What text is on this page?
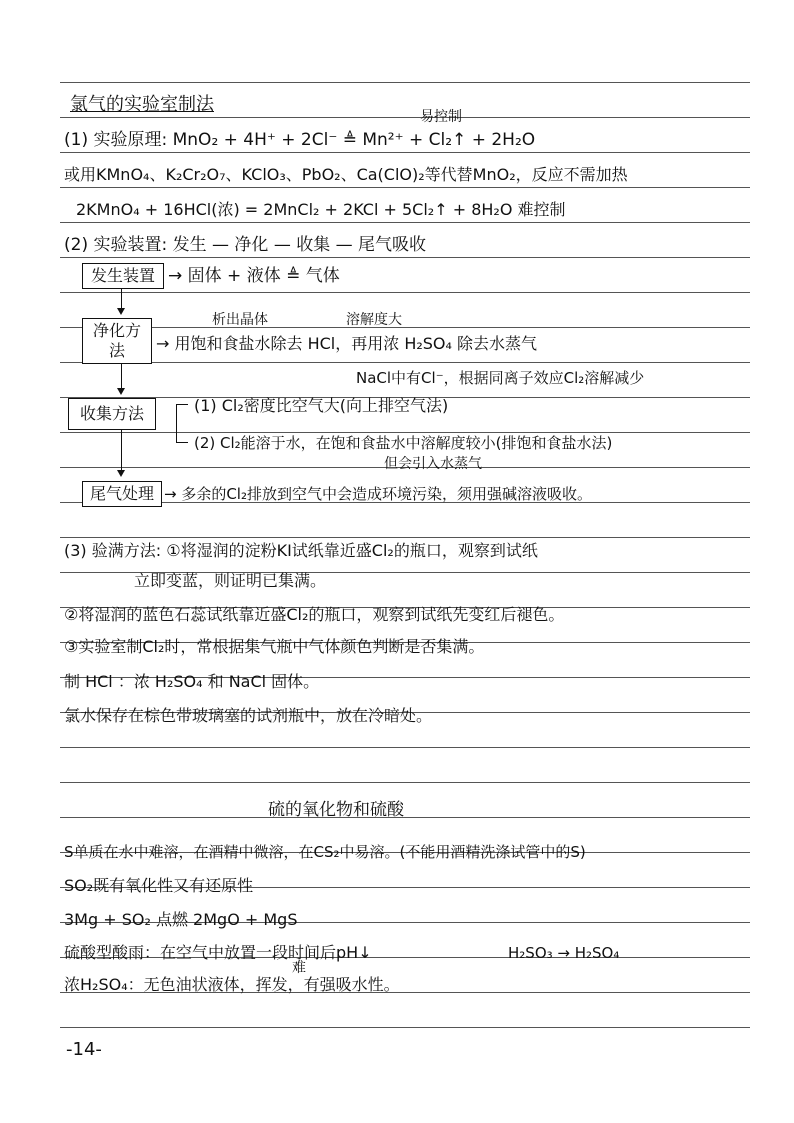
氯气的实验室制法
易控制
(1) 实验原理: MnO₂ + 4H⁺ + 2Cl⁻ ≜ Mn²⁺ + Cl₂↑ + 2H₂O
或用KMnO₄、K₂Cr₂O₇、KClO₃、PbO₂、Ca(ClO)₂等代替MnO₂，反应不需加热
2KMnO₄ + 16HCl(浓) = 2MnCl₂ + 2KCl + 5Cl₂↑ + 8H₂O 难控制
(2) 实验装置: 发生 — 净化 — 收集 — 尾气吸收
发生装置 → 固体 + 液体 ≜ 气体
析出晶体	溶解度大
净化方法	→ 用饱和食盐水除去 HCl，再用浓 H₂SO₄ 除去水蒸气
NaCl中有Cl⁻，根据同离子效应Cl₂溶解减少
收集方法	(1) Cl₂密度比空气大(向上排空气法)
(2) Cl₂能溶于水，在饱和食盐水中溶解度较小(排饱和食盐水法)
但会引入水蒸气
尾气处理 → 多余的Cl₂排放到空气中会造成环境污染，须用强碱溶液吸收。
(3) 验满方法: ①将湿润的淀粉KI试纸靠近盛Cl₂的瓶口，观察到试纸
立即变蓝，则证明已集满。
②将湿润的蓝色石蕊试纸靠近盛Cl₂的瓶口，观察到试纸先变红后褪色。
③实验室制Cl₂时，常根据集气瓶中气体颜色判断是否集满。
制 HCl ：浓 H₂SO₄ 和 NaCl 固体。
氯水保存在棕色带玻璃塞的试剂瓶中，放在冷暗处。
硫的氧化物和硫酸
S单质在水中难溶，在酒精中微溶，在CS₂中易溶。(不能用酒精洗涤试管中的S)
SO₂既有氧化性又有还原性
3Mg + SO₂ 点燃 2MgO + MgS
硫酸型酸雨：在空气中放置一段时间后pH↓	H₂SO₃ → H₂SO₄
难
浓H₂SO₄：无色油状液体，挥发，有强吸水性。
-14-
